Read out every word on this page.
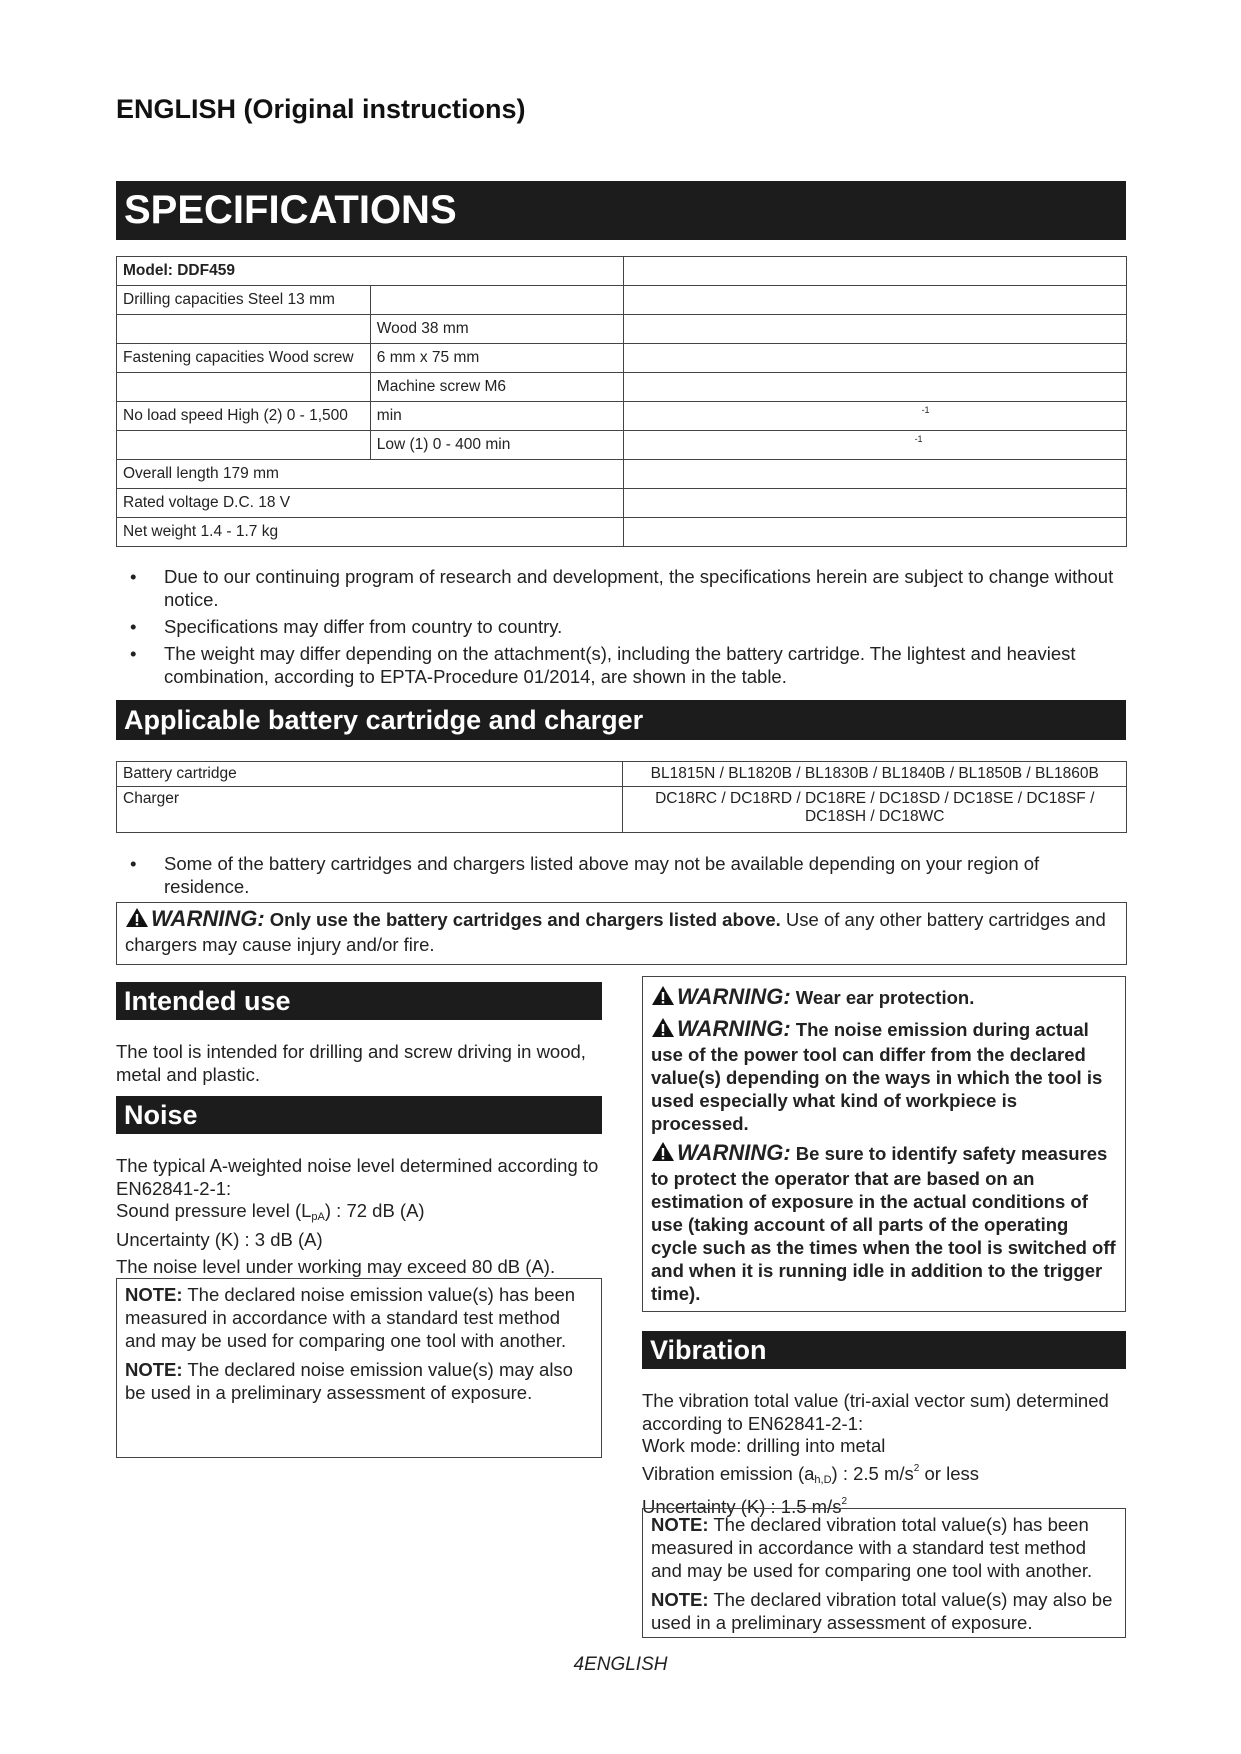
ENGLISH (Original instructions)
SPECIFICATIONS
Model: DDF459		
Drilling capacities Steel 13 mm		
	Wood 38 mm	
Fastening capacities Wood screw	6 mm x 75 mm	
	Machine screw M6	
No load speed High (2) 0 - 1,500	min	-1

	Low (1) 0 - 400 min	-1

Overall length 179 mm		
Rated voltage D.C. 18 V		
Net weight 1.4 - 1.7 kg		
• Due to our continuing program of research and development, the specifications herein are subject to change without notice.
• Specifications may differ from country to country.
• The weight may differ depending on the attachment(s), including the battery cartridge. The lightest and heaviest combination, according to EPTA-Procedure 01/2014, are shown in the table.
Applicable battery cartridge and charger
Battery cartridge	BL1815N / BL1820B / BL1830B / BL1840B / BL1850B / BL1860B
Charger	DC18RC / DC18RD / DC18RE / DC18SD / DC18SE / DC18SF / DC18SH / DC18WC
• Some of the battery cartridges and chargers listed above may not be available depending on your region of residence.
WARNING: Only use the battery cartridges and chargers listed above. Use of any other battery cartridges and chargers may cause injury and/or fire.
Intended use
The tool is intended for drilling and screw driving in wood, metal and plastic.
Noise
The typical A-weighted noise level determined according to EN62841-2-1:
Sound pressure level $(L_{pA})$ : 72 dB (A)
Uncertainty (K) : 3 dB (A)
The noise level under working may exceed 80 dB (A).

NOTE: The declared noise emission value(s) has been measured in accordance with a standard test method and may be used for comparing one tool with another.

NOTE: The declared noise emission value(s) may also be used in a preliminary assessment of exposure.

WARNING: Wear ear protection.
WARNING: The noise emission during actual use of the power tool can differ from the declared value(s) depending on the ways in which the tool is used especially what kind of workpiece is processed.
WARNING: Be sure to identify safety measures to protect the operator that are based on an estimation of exposure in the actual conditions of use (taking account of all parts of the operating cycle such as the times when the tool is switched off and when it is running idle in addition to the trigger time).
Vibration
The vibration total value (tri-axial vector sum) determined according to EN62841-2-1:
Work mode: drilling into metal
Vibration emission $(a_{h,D})$ : 2.5 $m/s^2$ or less
Uncertainty (K) : 1.5 $m/s^2$

NOTE: The declared vibration total value(s) has been measured in accordance with a standard test method and may be used for comparing one tool with another.

NOTE: The declared vibration total value(s) may also be used in a preliminary assessment of exposure.

4ENGLISH
